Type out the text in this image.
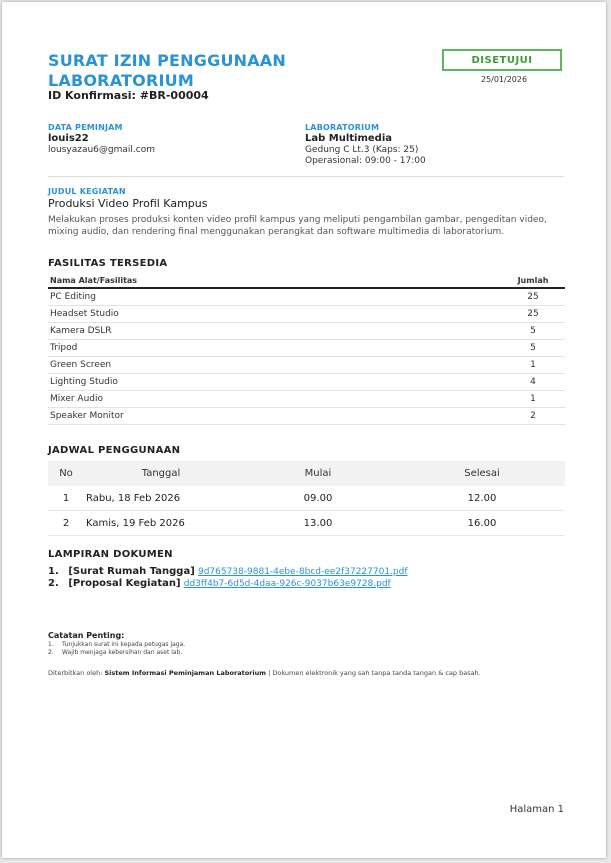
SURAT IZIN PENGGUNAAN LABORATORIUM
ID Konfirmasi: #BR-00004
DISETUJUI
25/01/2026
DATA PEMINJAM
louis22
lousyazau6@gmail.com
LABORATORIUM
Lab Multimedia
Gedung C Lt.3 (Kaps: 25)
Operasional: 09:00 - 17:00
JUDUL KEGIATAN
Produksi Video Profil Kampus
Melakukan proses produksi konten video profil kampus yang meliputi pengambilan gambar, pengeditan video, mixing audio, dan rendering final menggunakan perangkat dan software multimedia di laboratorium.
FASILITAS TERSEDIA
Nama Alat/Fasilitas	Jumlah
PC Editing	25
Headset Studio	25
Kamera DSLR	5
Tripod	5
Green Screen	1
Lighting Studio	4
Mixer Audio	1
Speaker Monitor	2
JADWAL PENGGUNAAN
No	Tanggal	Mulai	Selesai
1	Rabu, 18 Feb 2026	09.00	12.00
2	Kamis, 19 Feb 2026	13.00	16.00
LAMPIRAN DOKUMEN
1. [Surat Rumah Tangga] 9d765738-9881-4ebe-8bcd-ee2f37227701.pdf
2. [Proposal Kegiatan] dd3ff4b7-6d5d-4daa-926c-9037b63e9728.pdf
Catatan Penting:
1. Tunjukkan surat ini kepada petugas jaga.
2. Wajib menjaga kebersihan dan aset lab.
Diterbitkan oleh: Sistem Informasi Peminjaman Laboratorium | Dokumen elektronik yang sah tanpa tanda tangan & cap basah.
Halaman 1
